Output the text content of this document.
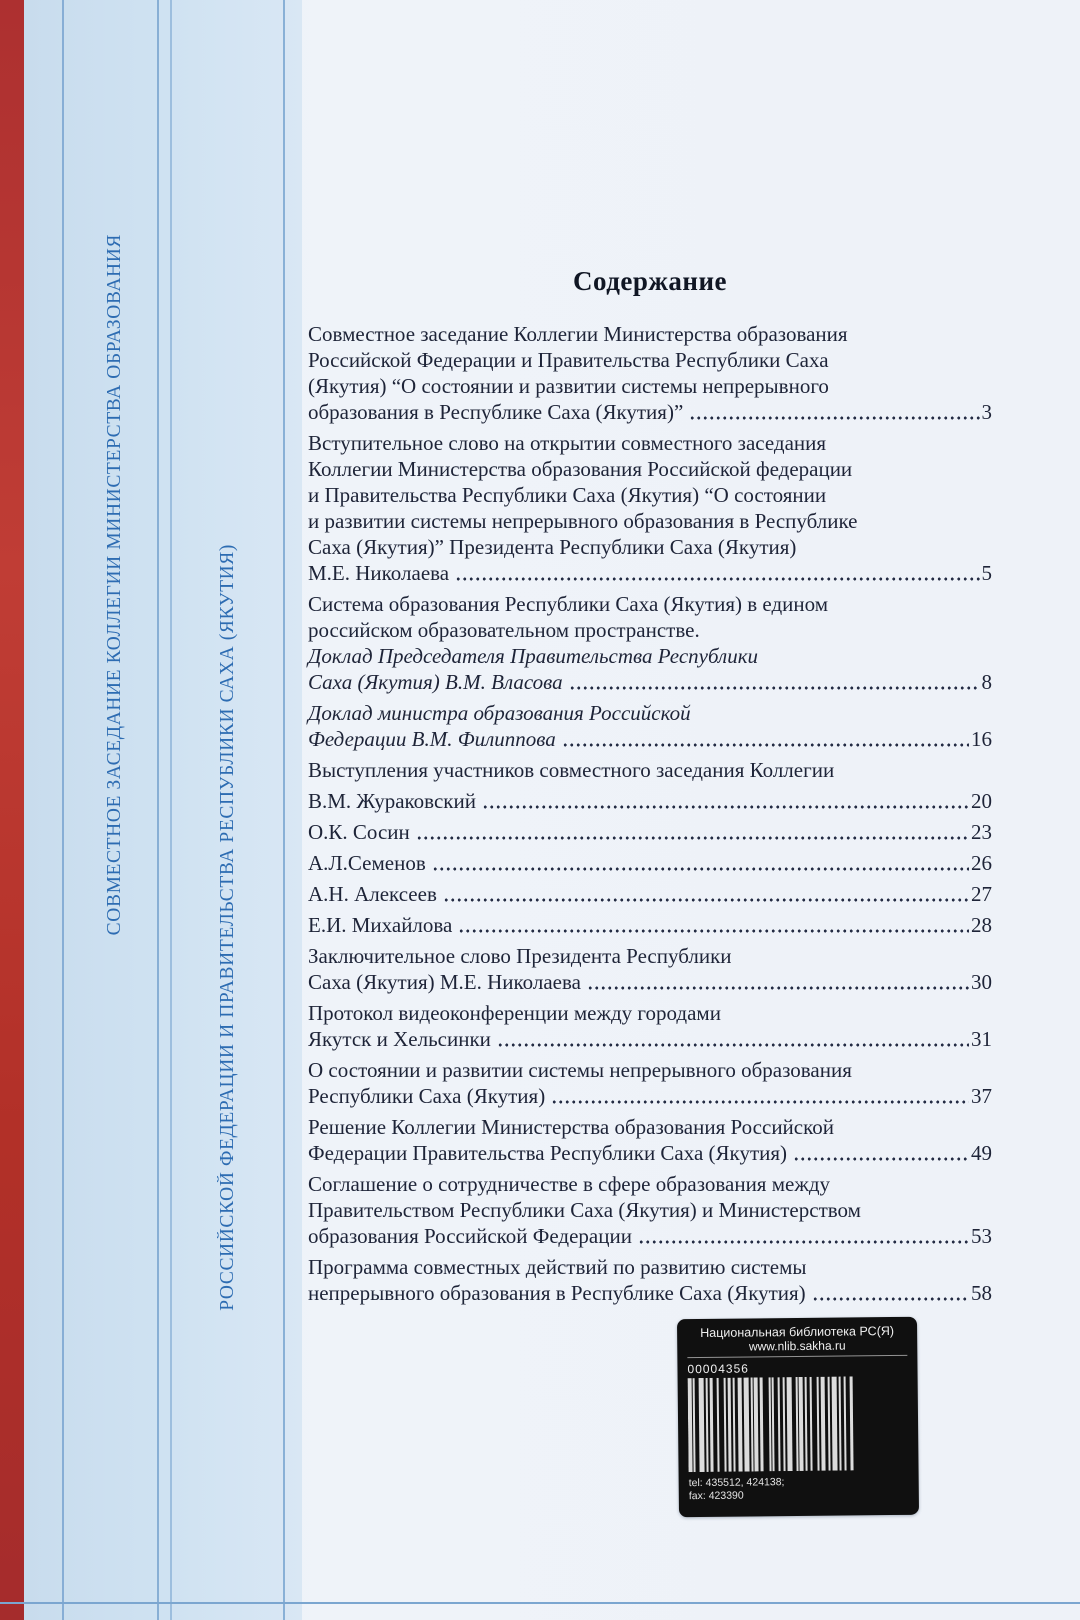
СОВМЕСТНОЕ ЗАСЕДАНИЕ КОЛЛЕГИИ МИНИСТЕРСТВА ОБРАЗОВАНИЯ	РОССИЙСКОЙ ФЕДЕРАЦИИ И ПРАВИТЕЛЬСТВА РЕСПУБЛИКИ САХА (ЯКУТИЯ)
Содержание
Совместное заседание Коллегии Министерства образования
Российской Федерации и Правительства Республики Саха
(Якутия) “О состоянии и развитии системы непрерывного
образования в Республике Саха (Якутия)”	3
Вступительное слово на открытии совместного заседания
Коллегии Министерства образования Российской федерации
и Правительства Республики Саха (Якутия) “О состоянии
и развитии системы непрерывного образования в Республике
Саха (Якутия)” Президента Республики Саха (Якутия)
М.Е. Николаева	5
Система образования Республики Саха (Якутия) в едином
российском образовательном пространстве.
Доклад Председателя Правительства Республики
Саха (Якутия) В.М. Власова	8
Доклад министра образования Российской
Федерации В.М. Филиппова	16
Выступления участников совместного заседания Коллегии
В.М. Жураковский	20
О.К. Сосин	23
А.Л.Семенов	26
А.Н. Алексеев	27
Е.И. Михайлова	28
Заключительное слово Президента Республики
Саха (Якутия) М.Е. Николаева	30
Протокол видеоконференции между городами
Якутск и Хельсинки	31
О состоянии и развитии системы непрерывного образования
Республики Саха (Якутия)	37
Решение Коллегии Министерства образования Российской
Федерации Правительства Республики Саха (Якутия)	49
Соглашение о сотрудничестве в сфере образования между
Правительством Республики Саха (Якутия) и Министерством
образования Российской Федерации	53
Программа совместных действий по развитию системы
непрерывного образования в Республике Саха (Якутия)	58
Национальная библиотека РС(Я)
www.nlib.sakha.ru
00004356
tel: 435512, 424138;
fax: 423390
